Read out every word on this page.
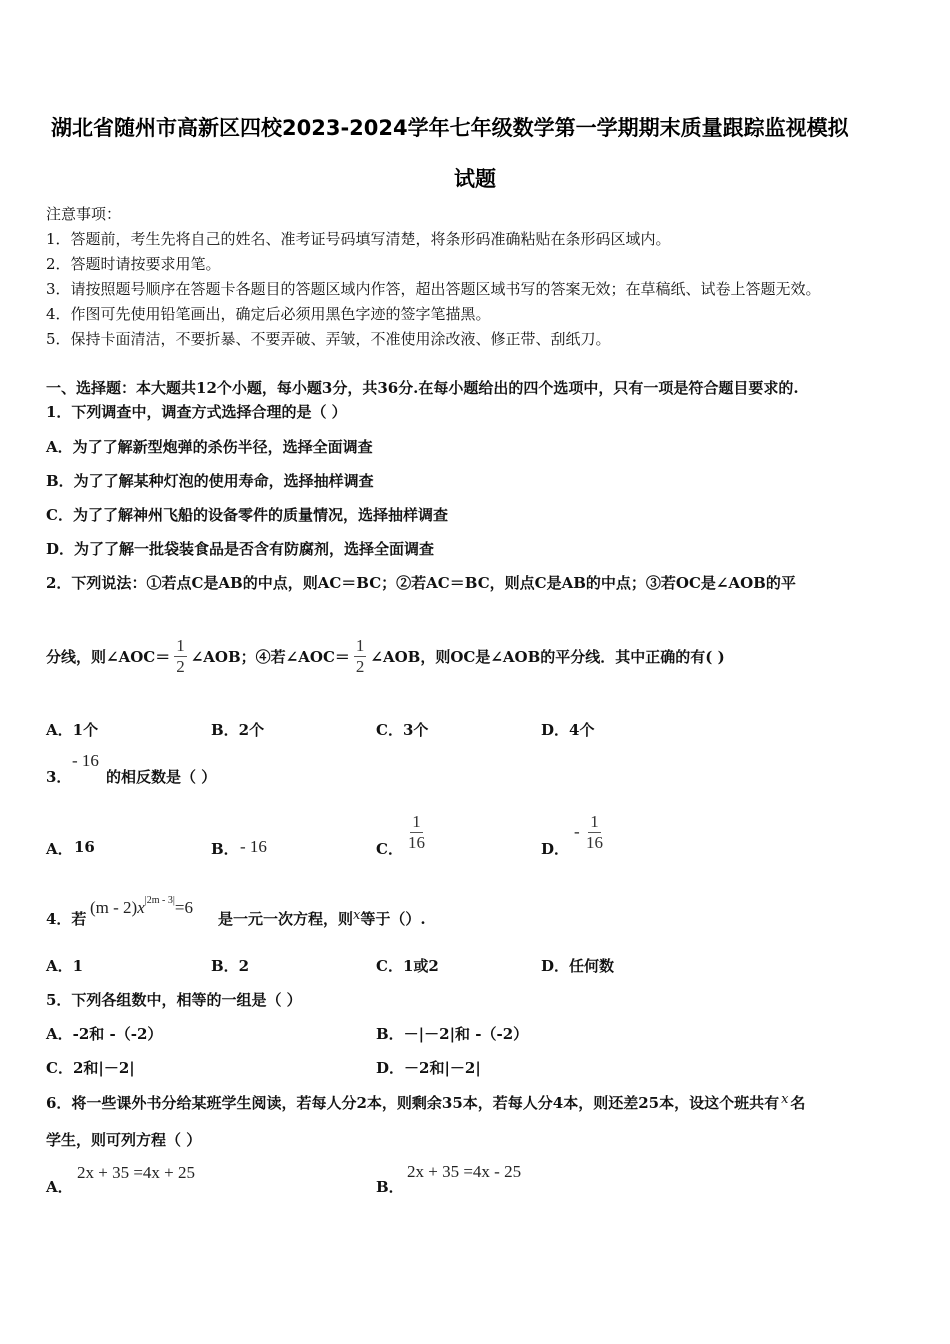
湖北省随州市高新区四校2023-2024学年七年级数学第一学期期末质量跟踪监视模拟
试题
注意事项：
1．答题前，考生先将自己的姓名、准考证号码填写清楚，将条形码准确粘贴在条形码区域内。
2．答题时请按要求用笔。
3．请按照题号顺序在答题卡各题目的答题区域内作答，超出答题区域书写的答案无效；在草稿纸、试卷上答题无效。
4．作图可先使用铅笔画出，确定后必须用黑色字迹的签字笔描黑。
5．保持卡面清洁，不要折暴、不要弄破、弄皱，不准使用涂改液、修正带、刮纸刀。
一、选择题：本大题共12个小题，每小题3分，共36分.在每小题给出的四个选项中，只有一项是符合题目要求的.
1．下列调查中，调查方式选择合理的是（ ）
A．为了了解新型炮弹的杀伤半径，选择全面调查
B．为了了解某种灯泡的使用寿命，选择抽样调查
C．为了了解神州飞船的设备零件的质量情况，选择抽样调查
D．为了了解一批袋装食品是否含有防腐剂，选择全面调查
2．下列说法：①若点C是AB的中点，则AC＝BC；②若AC＝BC，则点C是AB的中点；③若OC是∠AOB的平
分线，则∠AOC＝ $\frac{1}{2}$ ∠AOB；④若∠AOC＝ $\frac{1}{2}$ ∠AOB，则OC是∠AOB的平分线．其中正确的有( )
A．1个	B．2个	C．3个	D．4个
3．
- 16
的相反数是（ ）
A． 16	B． - 16	C． $\frac{1}{16}$	D．
- $\frac{1}{16}$
4．若
$(m - 2)x^{|2m - 3|}=6$
是一元一次方程，则x等于（）.
A．1	B．2	C．1或2	D．任何数
5．下列各组数中，相等的一组是（ ）
A．-2和 -（-2）	B．－|－2|和 -（-2）
C．2和|－2|	D．－2和|－2|
6．将一些课外书分给某班学生阅读，若每人分2本，则剩余35本，若每人分4本，则还差25本，设这个班共有 x 名
学生，则可列方程（ ）
A．
2x + 35 =4x + 25
B．
2x + 35 =4x - 25
